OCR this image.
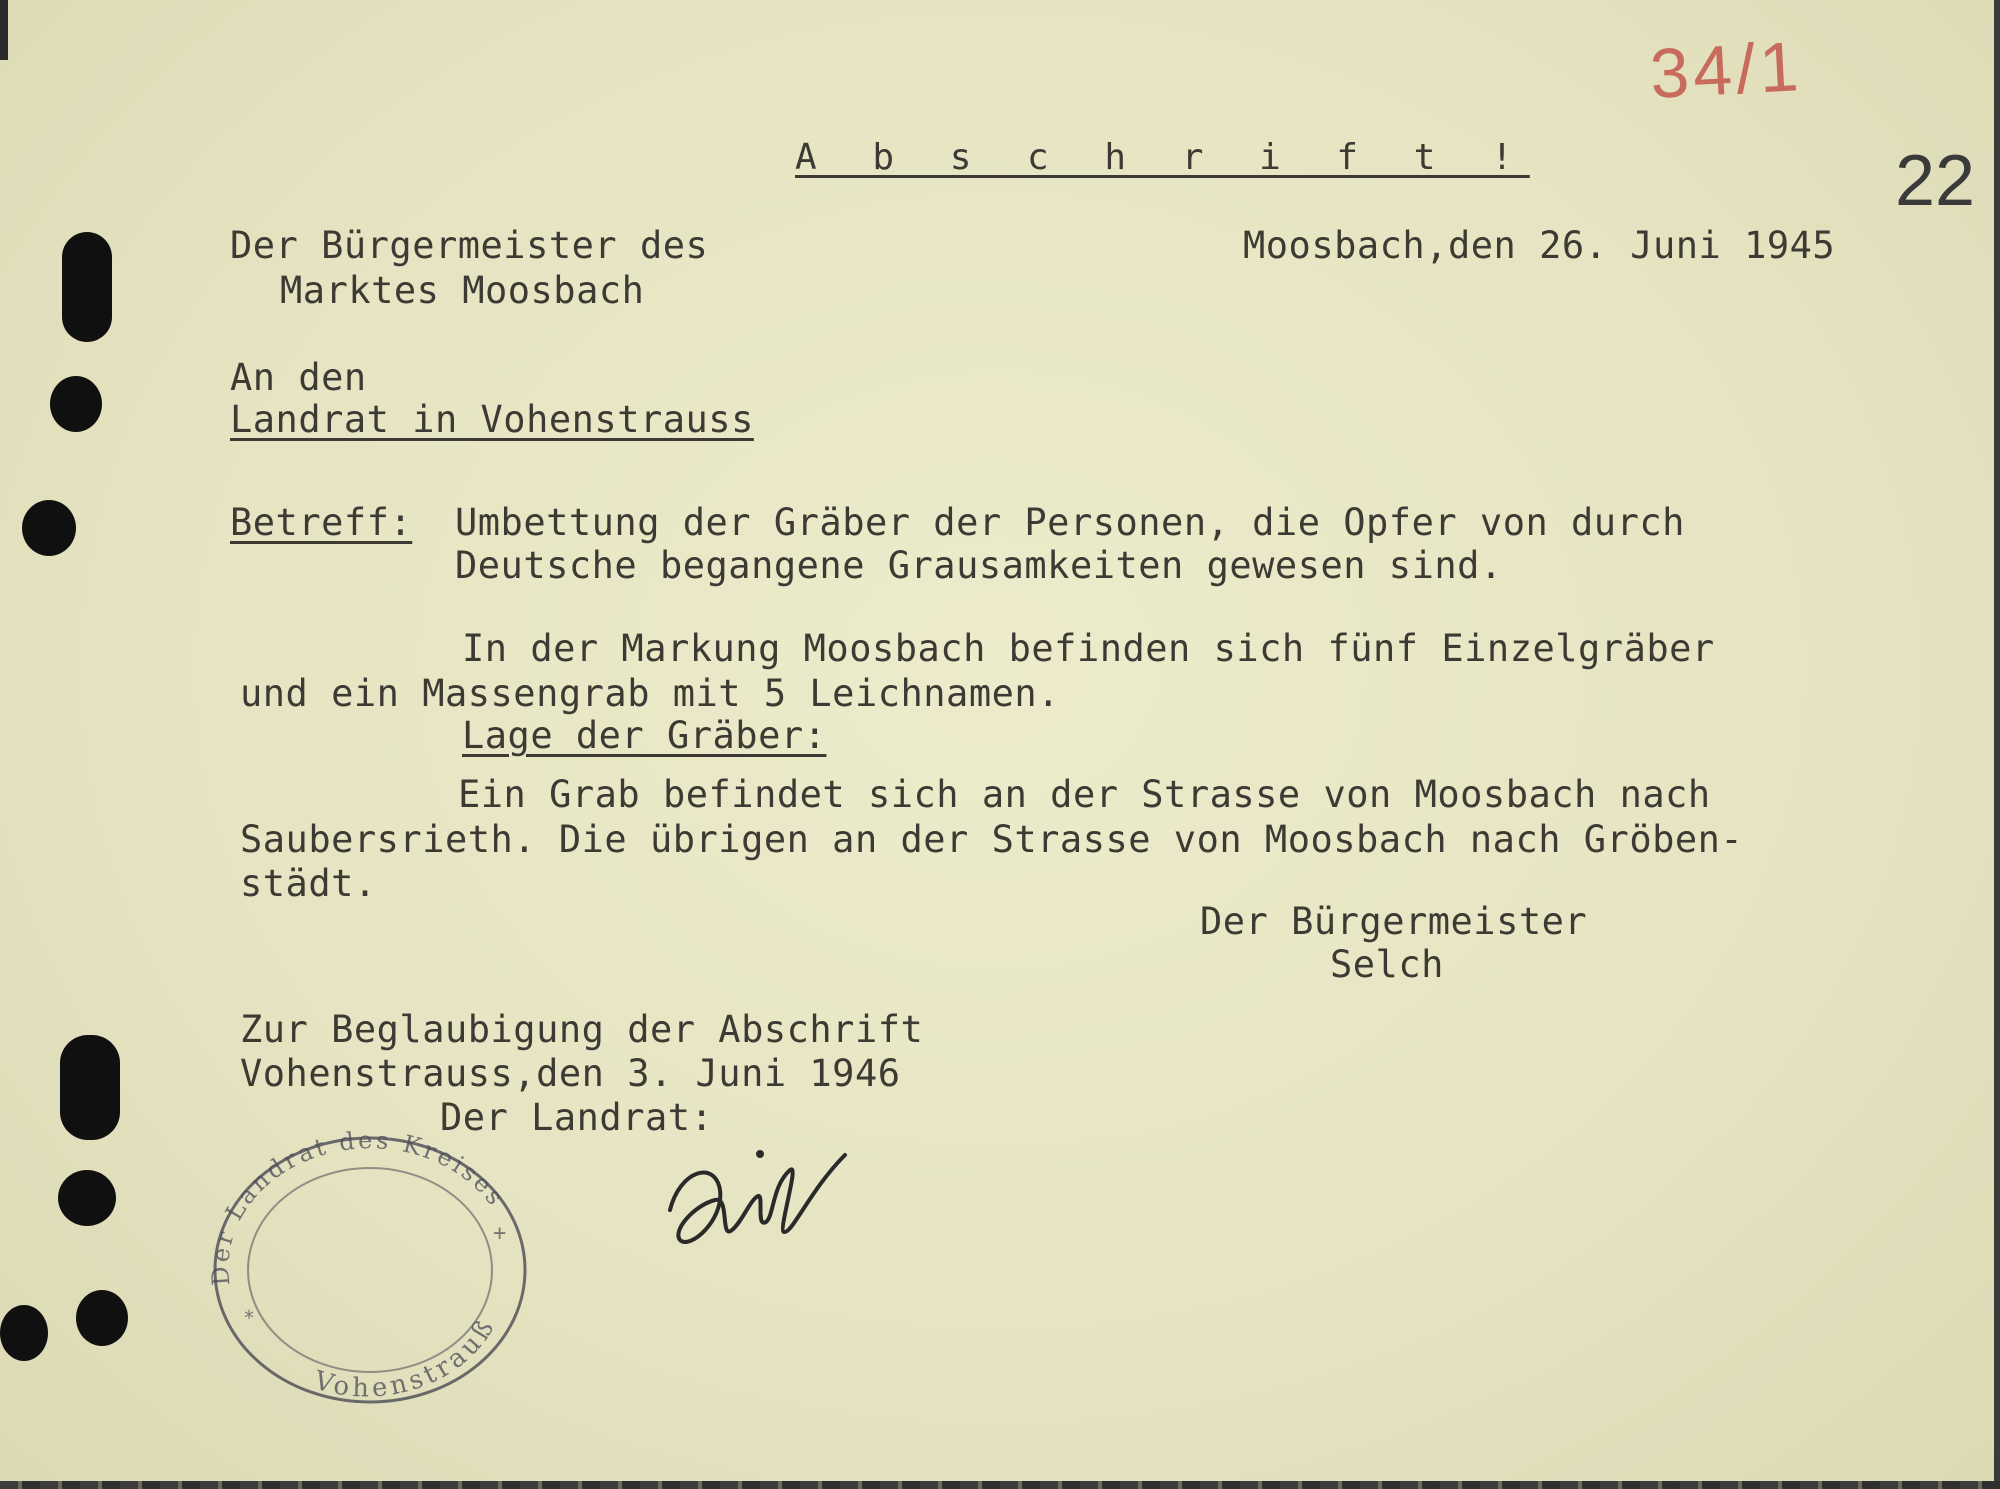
34/1
22
A b s c h r i f t !
Der Bürgermeister des
Marktes Moosbach
Moosbach,den 26. Juni 1945
An den
Landrat in Vohenstrauss
Betreff: Umbettung der Gräber der Personen, die Opfer von durch
Deutsche begangene Grausamkeiten gewesen sind.
In der Markung Moosbach befinden sich fünf Einzelgräber
und ein Massengrab mit 5 Leichnamen.
Lage der Gräber:
Ein Grab befindet sich an der Strasse von Moosbach nach
Saubersrieth. Die übrigen an der Strasse von Moosbach nach Gröben-
städt.
Der Bürgermeister
Selch
Zur Beglaubigung der Abschrift
Vohenstrauss,den 3. Juni 1946
Der Landrat:
Der Landrat des Kreises
Vohenstrauß
+
*
